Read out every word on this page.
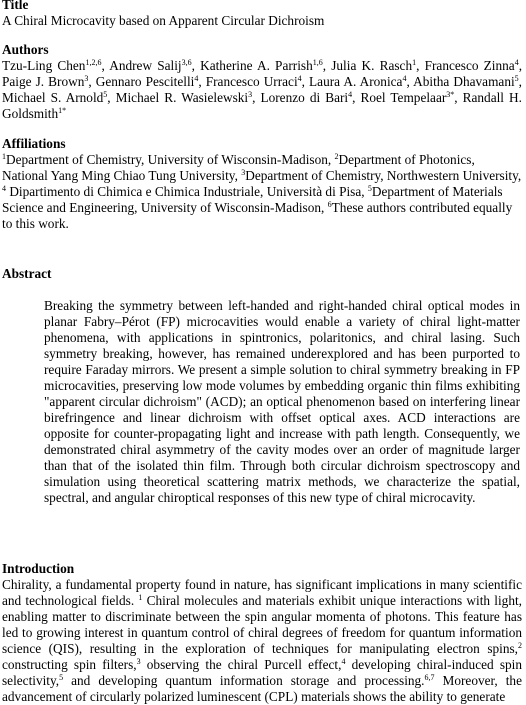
Title

A Chiral Microcavity based on Apparent Circular Dichroism

Authors

Tzu-Ling Chen$^{1,2,6}$, Andrew Salij$^{3,6}$, Katherine A. Parrish$^{1,6}$, Julia K. Rasch$^1$, Francesco Zinna$^4$, Paige J. Brown$^3$, Gennaro Pescitelli$^4$, Francesco Urraci$^4$, Laura A. Aronica$^4$, Abitha Dhavamani$^5$, Michael S. Arnold$^5$, Michael R. Wasielewski$^3$, Lorenzo di Bari$^4$, Roel Tempelaar$^{3*}$, Randall H. Goldsmith$^{1*}$

Affiliations

$^1$Department of Chemistry, University of Wisconsin-Madison, $^2$Department of Photonics, National Yang Ming Chiao Tung University, $^3$Department of Chemistry, Northwestern University, $^4$ Dipartimento di Chimica e Chimica Industriale, Università di Pisa, $^5$Department of Materials Science and Engineering, University of Wisconsin-Madison, $^6$These authors contributed equally to this work.

Abstract

Breaking the symmetry between left-handed and right-handed chiral optical modes in planar Fabry–Pérot (FP) microcavities would enable a variety of chiral light-matter phenomena, with applications in spintronics, polaritonics, and chiral lasing. Such symmetry breaking, however, has remained underexplored and has been purported to require Faraday mirrors. We present a simple solution to chiral symmetry breaking in FP microcavities, preserving low mode volumes by embedding organic thin films exhibiting "apparent circular dichroism" (ACD); an optical phenomenon based on interfering linear birefringence and linear dichroism with offset optical axes. ACD interactions are opposite for counter-propagating light and increase with path length. Consequently, we demonstrated chiral asymmetry of the cavity modes over an order of magnitude larger than that of the isolated thin film. Through both circular dichroism spectroscopy and simulation using theoretical scattering matrix methods, we characterize the spatial, spectral, and angular chiroptical responses of this new type of chiral microcavity.

Introduction

Chirality, a fundamental property found in nature, has significant implications in many scientific and technological fields. $^1$ Chiral molecules and materials exhibit unique interactions with light, enabling matter to discriminate between the spin angular momenta of photons. This feature has led to growing interest in quantum control of chiral degrees of freedom for quantum information science (QIS), resulting in the exploration of techniques for manipulating electron spins,$^2$ constructing spin filters,$^3$ observing the chiral Purcell effect,$^4$ developing chiral-induced spin selectivity,$^5$ and developing quantum information storage and processing.$^{6,7}$ Moreover, the advancement of circularly polarized luminescent (CPL) materials shows the ability to generate
